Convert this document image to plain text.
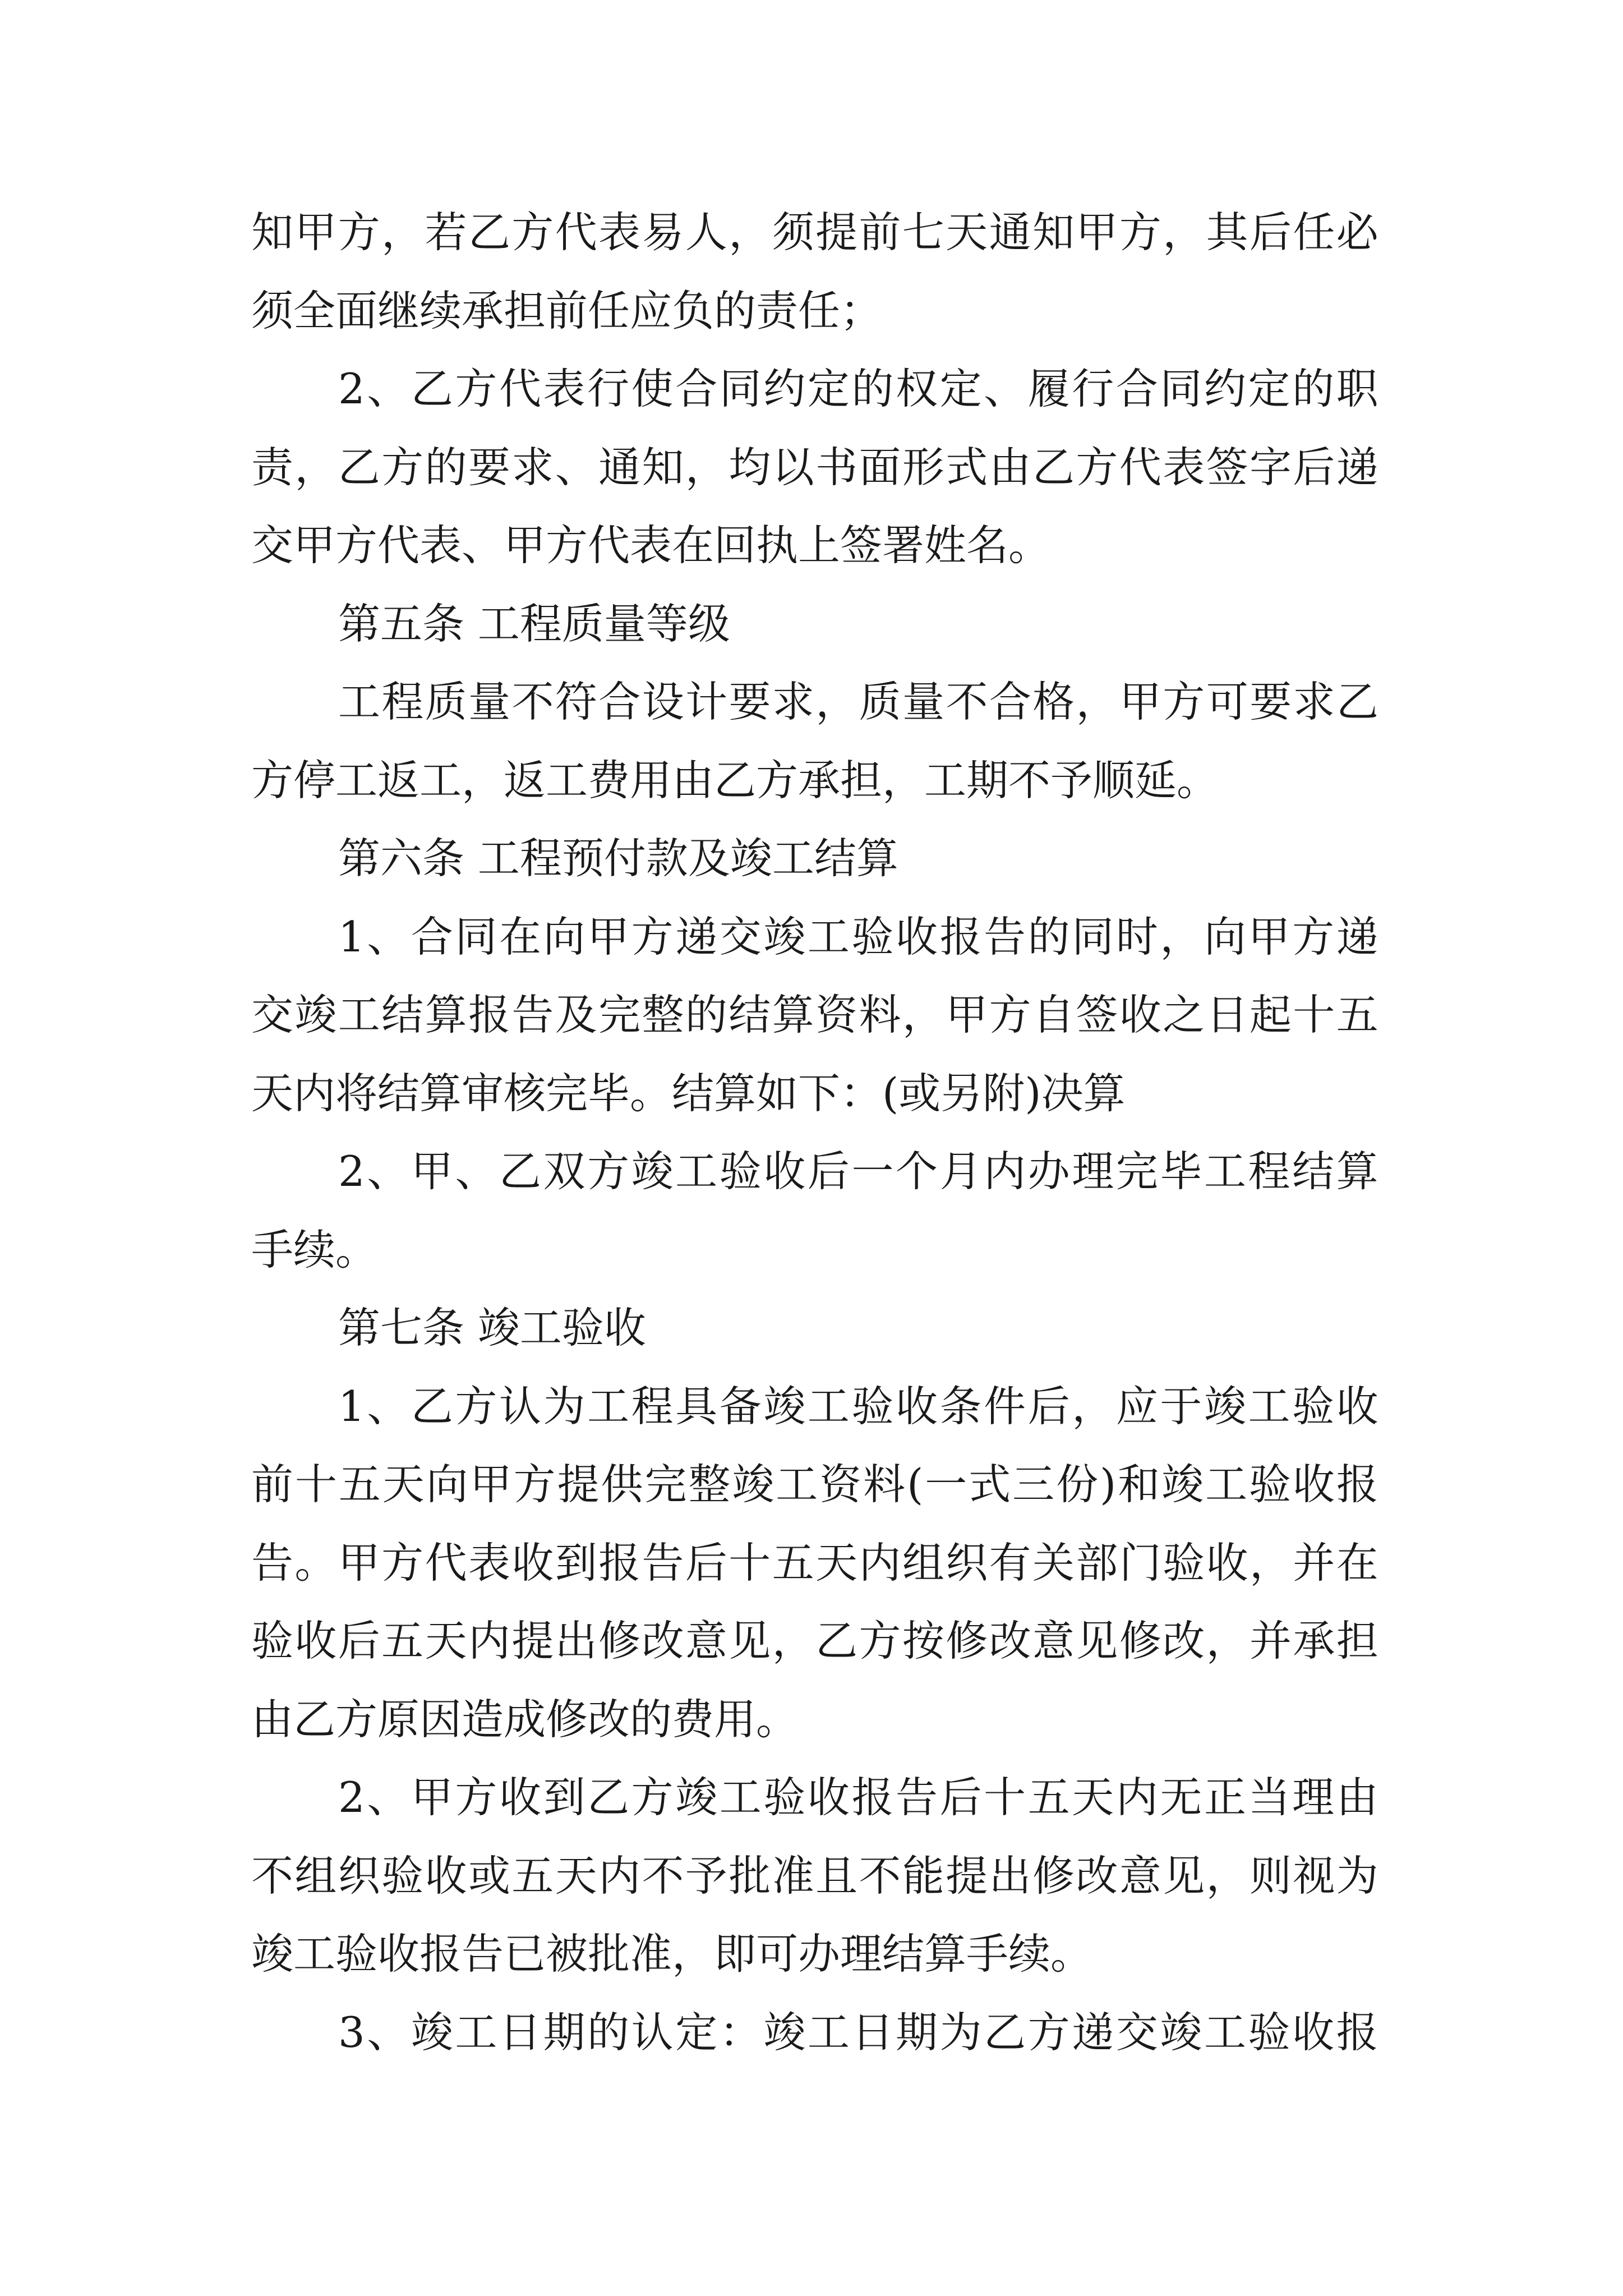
知 甲 方 ， 若 乙 方 代 表 易 人 ， 须 提 前 七 天 通 知 甲 方 ， 其 后 任 必
须全面继续承担前任应负的责任；
2 、 乙 方 代 表 行 使 合 同 约 定 的 权 定 、 履 行 合 同 约 定 的 职
责 ， 乙 方 的 要 求 、 通 知 ， 均 以 书 面 形 式 由 乙 方 代 表 签 字 后 递
交甲方代表、甲方代表在回执上签署姓名。
第五条 工程质量等级
工 程 质 量 不 符 合 设 计 要 求 ， 质 量 不 合 格 ， 甲 方 可 要 求 乙
方停工返工，返工费用由乙方承担，工期不予顺延。
第六条 工程预付款及竣工结算
1 、 合 同 在 向 甲 方 递 交 竣 工 验 收 报 告 的 同 时 ， 向 甲 方 递
交 竣 工 结 算 报 告 及 完 整 的 结 算 资 料 ， 甲 方 自 签 收 之 日 起 十 五
天内将结算审核完毕。结算如下：(或另附)决算
2 、 甲 、 乙 双 方 竣 工 验 收 后 一 个 月 内 办 理 完 毕 工 程 结 算
手续。
第七条 竣工验收
1 、 乙 方 认 为 工 程 具 备 竣 工 验 收 条 件 后 ， 应 于 竣 工 验 收
前 十 五 天 向 甲 方 提 供 完 整 竣 工 资 料 ( 一 式 三 份 ) 和 竣 工 验 收 报
告 。 甲 方 代 表 收 到 报 告 后 十 五 天 内 组 织 有 关 部 门 验 收 ， 并 在
验 收 后 五 天 内 提 出 修 改 意 见 ， 乙 方 按 修 改 意 见 修 改 ， 并 承 担
由乙方原因造成修改的费用。
2 、 甲 方 收 到 乙 方 竣 工 验 收 报 告 后 十 五 天 内 无 正 当 理 由
不 组 织 验 收 或 五 天 内 不 予 批 准 且 不 能 提 出 修 改 意 见 ， 则 视 为
竣工验收报告已被批准，即可办理结算手续。
3 、 竣 工 日 期 的 认 定 ： 竣 工 日 期 为 乙 方 递 交 竣 工 验 收 报
